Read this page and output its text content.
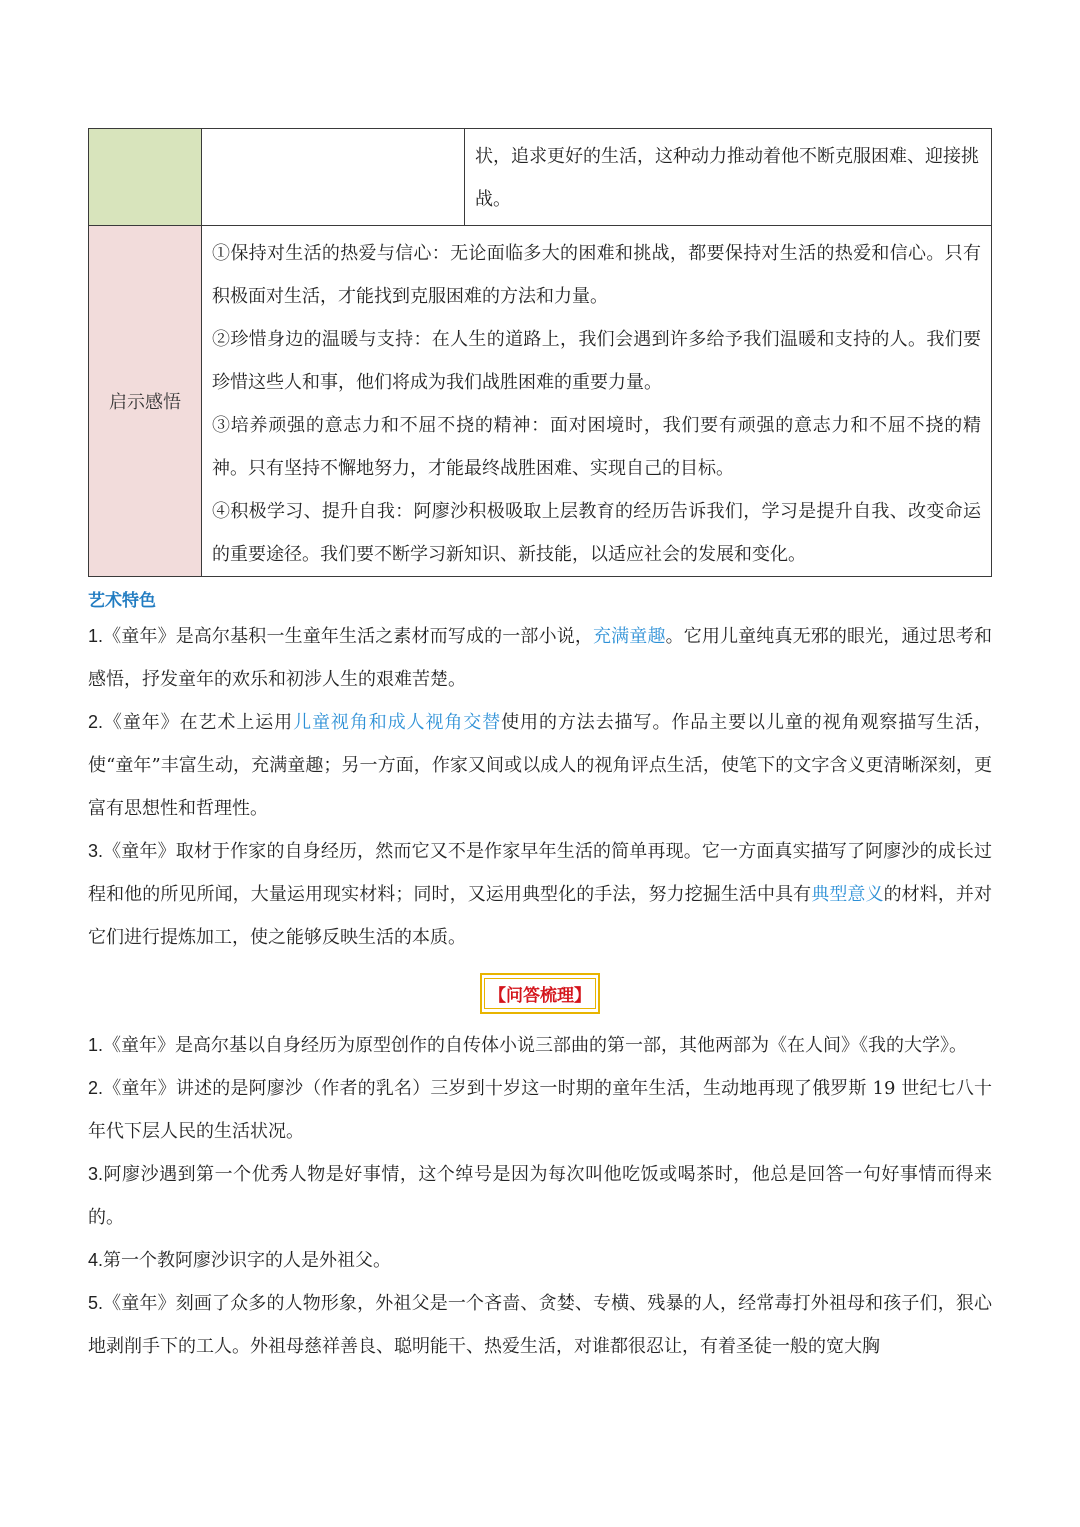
		状，追求更好的生活，这种动力推动着他不断克服困难、迎接挑战。
启示感悟	①保持对生活的热爱与信心：无论面临多大的困难和挑战，都要保持对生活的热爱和信心。只有积极面对生活，才能找到克服困难的方法和力量。

②珍惜身边的温暖与支持：在人生的道路上，我们会遇到许多给予我们温暖和支持的人。我们要珍惜这些人和事，他们将成为我们战胜困难的重要力量。

③培养顽强的意志力和不屈不挠的精神：面对困境时，我们要有顽强的意志力和不屈不挠的精神。只有坚持不懈地努力，才能最终战胜困难、实现自己的目标。

④积极学习、提升自我：阿廖沙积极吸取上层教育的经历告诉我们，学习是提升自我、改变命运的重要途径。我们要不断学习新知识、新技能，以适应社会的发展和变化。	

艺术特色

1.《童年》是高尔基积一生童年生活之素材而写成的一部小说，充满童趣。它用儿童纯真无邪的眼光，通过思考和感悟，抒发童年的欢乐和初涉人生的艰难苦楚。

2.《童年》在艺术上运用儿童视角和成人视角交替使用的方法去描写。作品主要以儿童的视角观察描写生活，使“童年”丰富生动，充满童趣；另一方面，作家又间或以成人的视角评点生活，使笔下的文字含义更清晰深刻，更富有思想性和哲理性。

3.《童年》取材于作家的自身经历，然而它又不是作家早年生活的简单再现。它一方面真实描写了阿廖沙的成长过程和他的所见所闻，大量运用现实材料；同时，又运用典型化的手法，努力挖掘生活中具有典型意义的材料，并对它们进行提炼加工，使之能够反映生活的本质。

【问答梳理】

1.《童年》是高尔基以自身经历为原型创作的自传体小说三部曲的第一部，其他两部为《在人间》《我的大学》。

2.《童年》讲述的是阿廖沙（作者的乳名）三岁到十岁这一时期的童年生活，生动地再现了俄罗斯 19 世纪七八十年代下层人民的生活状况。

3.阿廖沙遇到第一个优秀人物是好事情，这个绰号是因为每次叫他吃饭或喝茶时，他总是回答一句好事情而得来的。

4.第一个教阿廖沙识字的人是外祖父。

5.《童年》刻画了众多的人物形象，外祖父是一个吝啬、贪婪、专横、残暴的人，经常毒打外祖母和孩子们，狠心地剥削手下的工人。外祖母慈祥善良、聪明能干、热爱生活，对谁都很忍让，有着圣徒一般的宽大胸
